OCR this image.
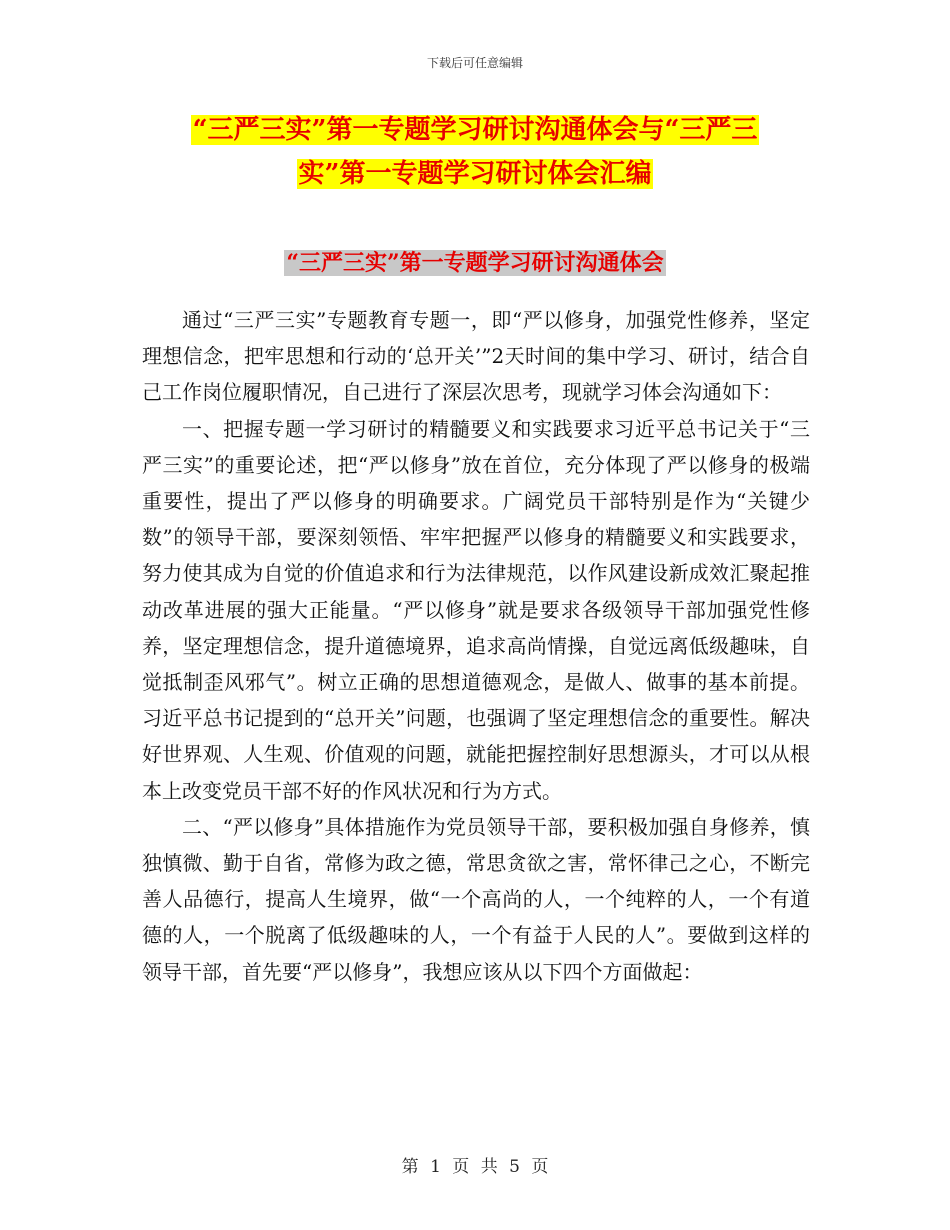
下载后可任意编辑
“三严三实”第一专题学习研讨沟通体会与“三严三
实”第一专题学习研讨体会汇编
“三严三实”第一专题学习研讨沟通体会

通过“三严三实”专题教育专题一，即“严以修身，加强党性修养，坚定理想信念，把牢思想和行动的‘总开关’”2天时间的集中学习、研讨，结合自己工作岗位履职情况，自己进行了深层次思考，现就学习体会沟通如下：

一、把握专题一学习研讨的精髓要义和实践要求习近平总书记关于“三严三实”的重要论述，把“严以修身”放在首位，充分体现了严以修身的极端重要性，提出了严以修身的明确要求。广阔党员干部特别是作为“关键少数”的领导干部，要深刻领悟、牢牢把握严以修身的精髓要义和实践要求，努力使其成为自觉的价值追求和行为法律规范，以作风建设新成效汇聚起推动改革进展的强大正能量。“严以修身”就是要求各级领导干部加强党性修养，坚定理想信念，提升道德境界，追求高尚情操，自觉远离低级趣味，自觉抵制歪风邪气”。树立正确的思想道德观念，是做人、做事的基本前提。习近平总书记提到的“总开关”问题，也强调了坚定理想信念的重要性。解决好世界观、人生观、价值观的问题，就能把握控制好思想源头，才可以从根本上改变党员干部不好的作风状况和行为方式。

二、“严以修身”具体措施作为党员领导干部，要积极加强自身修养，慎独慎微、勤于自省，常修为政之德，常思贪欲之害，常怀律己之心，不断完善人品德行，提高人生境界，做“一个高尚的人，一个纯粹的人，一个有道德的人，一个脱离了低级趣味的人，一个有益于人民的人”。要做到这样的领导干部，首先要“严以修身”，我想应该从以下四个方面做起：

第 1 页 共 5 页
